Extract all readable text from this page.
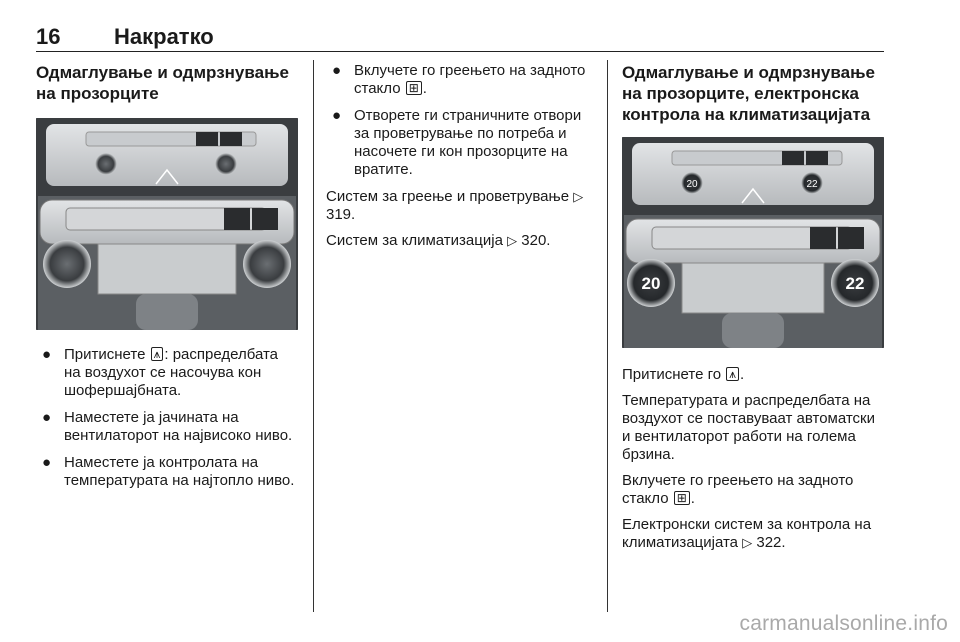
16 Накратко
Одмаглување и одмрзнување на прозорците
● Притиснете ⩚ : распределбата на воздухот се насочува кон шофершајбната.
● Наместете ја јачината на вентилаторот на највисоко ниво.
● Наместете ја контролата на температурата на најтопло ниво.
● Вклучете го греењето на задното стакло ⊞ .
● Отворете ги страничните отвори за проветрување по потреба и насочете ги кон прозорците на вратите.

Систем за греење и проветрување ▷ 319.

Систем за климатизација ▷ 320.

Одмаглување и одмрзнување на прозорците, електронска контрола на климатизацијата
20	22
20	22

Притиснете го ⩚ .

Температурата и распределбата на воздухот се поставуваат автоматски и вентилаторот работи на голема брзина.

Вклучете го греењето на задното стакло ⊞ .

Електронски систем за контрола на климатизацијата ▷ 322.

carmanualsonline.info
